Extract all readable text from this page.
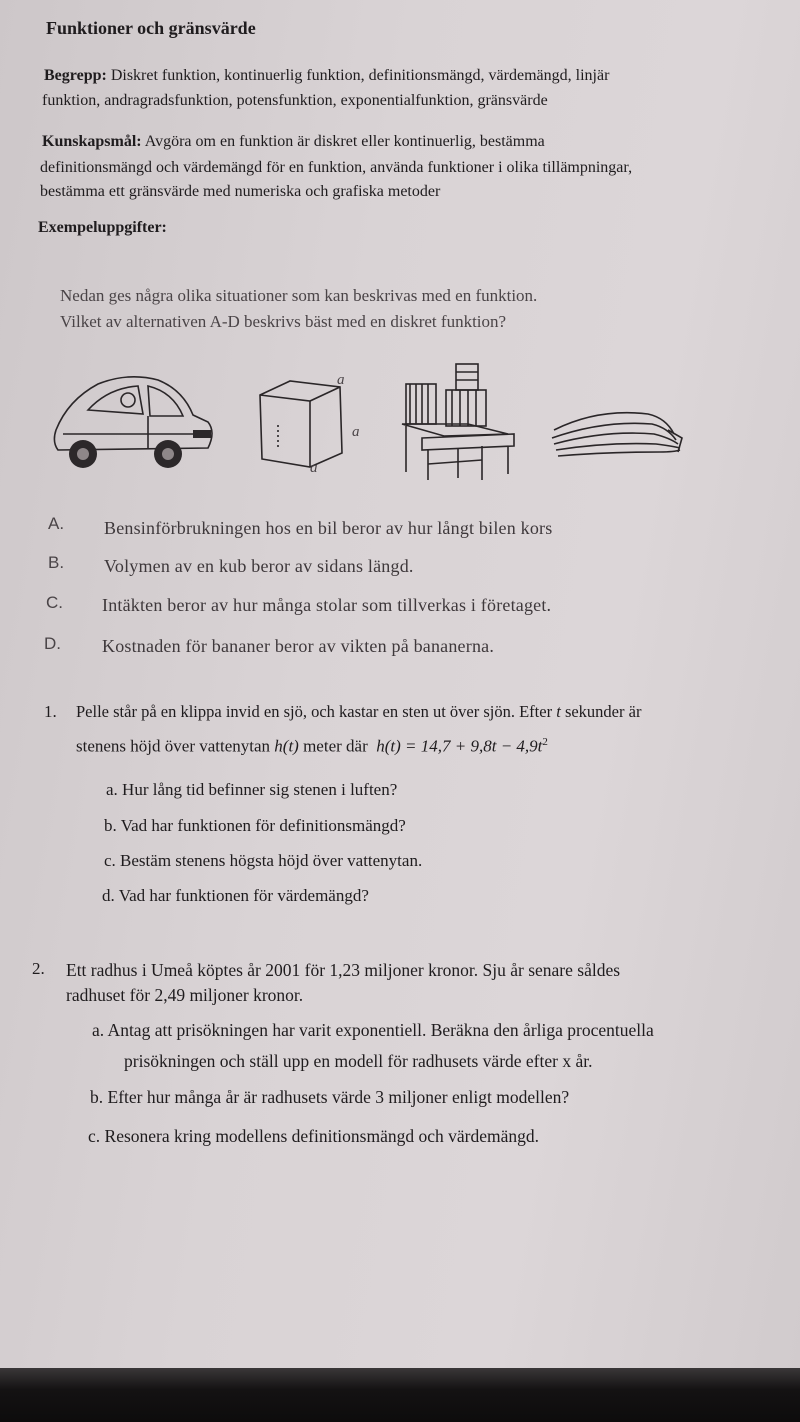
Funktioner och gränsvärde
Begrepp: Diskret funktion, kontinuerlig funktion, definitionsmängd, värdemängd, linjär
funktion, andragradsfunktion, potensfunktion, exponentialfunktion, gränsvärde
Kunskapsmål: Avgöra om en funktion är diskret eller kontinuerlig, bestämma
definitionsmängd och värdemängd för en funktion, använda funktioner i olika tillämpningar,
bestämma ett gränsvärde med numeriska och grafiska metoder
Exempeluppgifter:
Nedan ges några olika situationer som kan beskrivas med en funktion.
Vilket av alternativen A-D beskrivs bäst med en diskret funktion?
a
a
a
A. Bensinförbrukningen hos en bil beror av hur långt bilen kors
B. Volymen av en kub beror av sidans längd.
C. Intäkten beror av hur många stolar som tillverkas i företaget.
D. Kostnaden för bananer beror av vikten på bananerna.
1. Pelle står på en klippa invid en sjö, och kastar en sten ut över sjön. Efter t sekunder är
stenens höjd över vattenytan h(t) meter där $h(t) = 14,7 + 9,8t - 4,9t^2$
a. Hur lång tid befinner sig stenen i luften?
b. Vad har funktionen för definitionsmängd?
c. Bestäm stenens högsta höjd över vattenytan.
d. Vad har funktionen för värdemängd?
2. Ett radhus i Umeå köptes år 2001 för 1,23 miljoner kronor. Sju år senare såldes
radhuset för 2,49 miljoner kronor.
a. Antag att prisökningen har varit exponentiell. Beräkna den årliga procentuella
prisökningen och ställ upp en modell för radhusets värde efter x år.
b. Efter hur många år är radhusets värde 3 miljoner enligt modellen?
c. Resonera kring modellens definitionsmängd och värdemängd.
